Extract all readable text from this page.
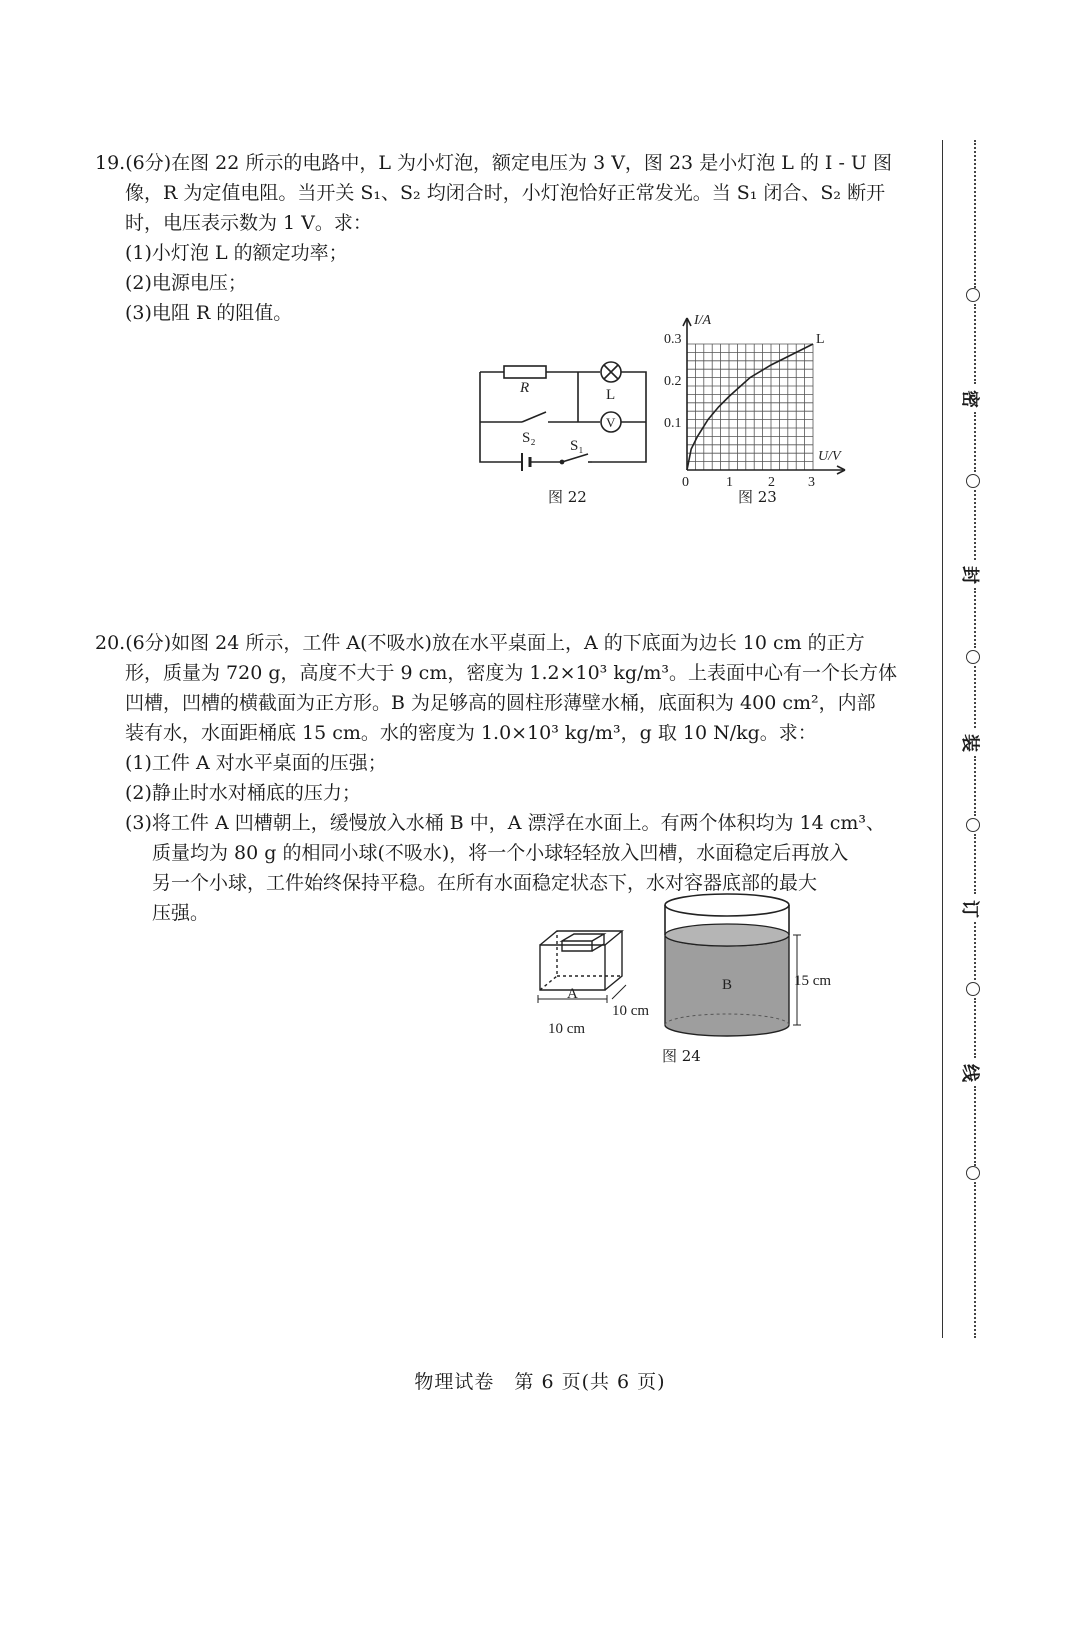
19.(6分)在图 22 所示的电路中，L 为小灯泡，额定电压为 3 V，图 23 是小灯泡 L 的 I - U 图
像，R 为定值电阻。当开关 S₁、S₂ 均闭合时，小灯泡恰好正常发光。当 S₁ 闭合、S₂ 断开
时，电压表示数为 1 V。求：
(1)小灯泡 L 的额定功率；
(2)电源电压；
(3)电阻 R 的阻值。
R	L
V
S₂ S₁
图 22
I/A
U/V
L
0.3
0.2
0.1
0	1	2 3
图 23
20.(6分)如图 24 所示，工件 A(不吸水)放在水平桌面上，A 的下底面为边长 10 cm 的正方
形，质量为 720 g，高度不大于 9 cm，密度为 1.2×10³ kg/m³。上表面中心有一个长方体
凹槽，凹槽的横截面为正方形。B 为足够高的圆柱形薄壁水桶，底面积为 400 cm²，内部
装有水，水面距桶底 15 cm。水的密度为 1.0×10³ kg/m³，g 取 10 N/kg。求：
(1)工件 A 对水平桌面的压强；
(2)静止时水对桶底的压力；
(3)将工件 A 凹槽朝上，缓慢放入水桶 B 中，A 漂浮在水面上。有两个体积均为 14 cm³、
质量均为 80 g 的相同小球(不吸水)，将一个小球轻轻放入凹槽，水面稳定后再放入
另一个小球，工件始终保持平稳。在所有水面稳定状态下，水对容器底部的最大
压强。
A
B
10 cm
10 cm
15 cm
图 24
密
封
装
订
线
物理试卷　第 6 页(共 6 页)
